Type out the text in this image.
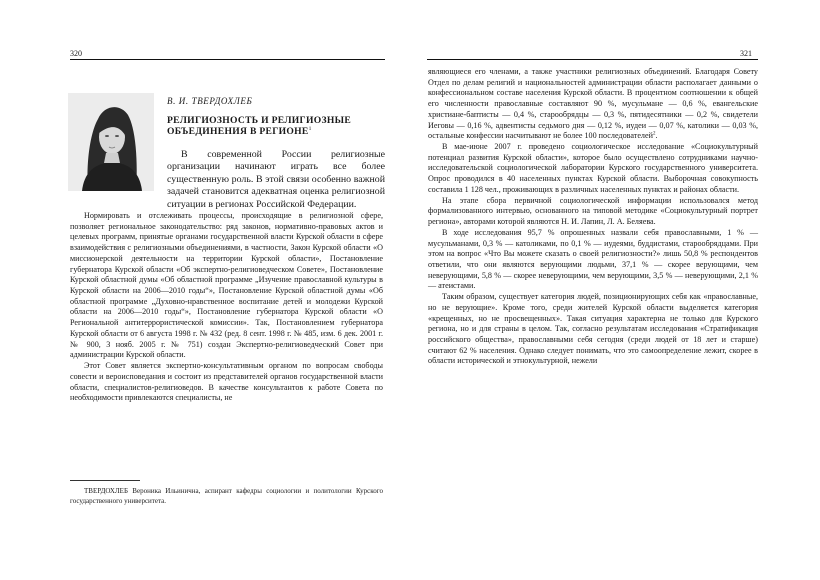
320
В. И. ТВЕРДОХЛЕБ
РЕЛИГИОЗНОСТЬ И РЕЛИГИОЗНЫЕ
ОБЪЕДИНЕНИЯ В РЕГИОНЕ$^1$

В современной России религиозные организации начинают играть все более существенную роль. В этой связи особенно важной задачей становится адекватная оценка религиозной ситуации в регионах Российской Федерации.

Нормировать и отслеживать процессы, происходящие в религиозной сфере, позволяет региональное законодательство: ряд законов, нормативно-правовых актов и целевых программ, принятые органами государственной власти Курской области в сфере взаимодействия с религиозными объединениями, в частности, Закон Курской области «О миссионерской деятельности на территории Курской области», Постановление губернатора Курской области «Об экспертно-религиоведческом Совете», Постановление Курской областной думы «Об областной программе „Изучение православной культуры в Курской области на 2006—2010 годы“», Постановление Курской областной думы «Об областной программе „Духовно-нравственное воспитание детей и молодежи Курской области на 2006—2010 годы“», Постановление губернатора Курской области «О Региональной антитеррористической комиссии». Так, Постановлением губернатора Курской области от 6 августа 1998 г. № 432 (ред. 8 сент. 1998 г. № 485, изм. 6 дек. 2001 г. № 900, 3 нояб. 2005 г. № 751) создан Экспертно-религиоведческий Совет при администрации Курской области.

Этот Совет является экспертно-консультативным органом по вопросам свободы совести и вероисповедания и состоит из представителей органов государственной власти области, специалистов-религиоведов. В качестве консультантов к работе Совета по необходимости привлекаются специалисты, не

ТВЕРДОХЛЕБ Вероника Ильинична, аспирант кафедры социологии и политологии Курского государственного университета.

321

являющиеся его членами, а также участники религиозных объединений. Благодаря Совету Отдел по делам религий и национальностей администрации области располагает данными о конфессиональном составе населения Курской области. В процентном соотношении к общей его численности православные составляют 90 %, мусульмане — 0,6 %, евангельские христиане-баптисты — 0,4 %, старообрядцы — 0,3 %, пятидесятники — 0,2 %, свидетели Иеговы — 0,16 %, адвентисты седьмого дня — 0,12 %, иудеи — 0,07 %, католики — 0,03 %, остальные конфессии насчитывают не более 100 последователей$^2$.

В мае-июне 2007 г. проведено социологическое исследование «Социокультурный потенциал развития Курской области», которое было осуществлено сотрудниками научно-исследовательской социологической лаборатории Курского государственного университета. Опрос проводился в 40 населенных пунктах Курской области. Выборочная совокупность составила 1 128 чел., проживающих в различных населенных пунктах и районах области.

На этапе сбора первичной социологической информации использовался метод формализованного интервью, основанного на типовой методике «Социокультурный портрет региона», авторами которой являются Н. И. Лапин, Л. А. Беляева.

В ходе исследования 95,7 % опрошенных назвали себя православными, 1 % — мусульманами, 0,3 % — католиками, по 0,1 % — иудеями, буддистами, старообрядцами. При этом на вопрос «Что Вы можете сказать о своей религиозности?» лишь 50,8 % респондентов ответили, что они являются верующими людьми, 37,1 % — скорее верующими, чем неверующими, 5,8 % — скорее неверующими, чем верующими, 3,5 % — неверующими, 2,1 % — атеистами.

Таким образом, существует категория людей, позиционирующих себя как «православные, но не верующие». Кроме того, среди жителей Курской области выделяется категория «крещенных, но не просвещенных». Такая ситуация характерна не только для Курского региона, но и для страны в целом. Так, согласно результатам исследования «Стратификация российского общества», православными себя сегодня (среди людей от 18 лет и старше) считают 62 % населения. Однако следует понимать, что это самоопределение лежит, скорее в области исторической и этнокультурной, нежели
